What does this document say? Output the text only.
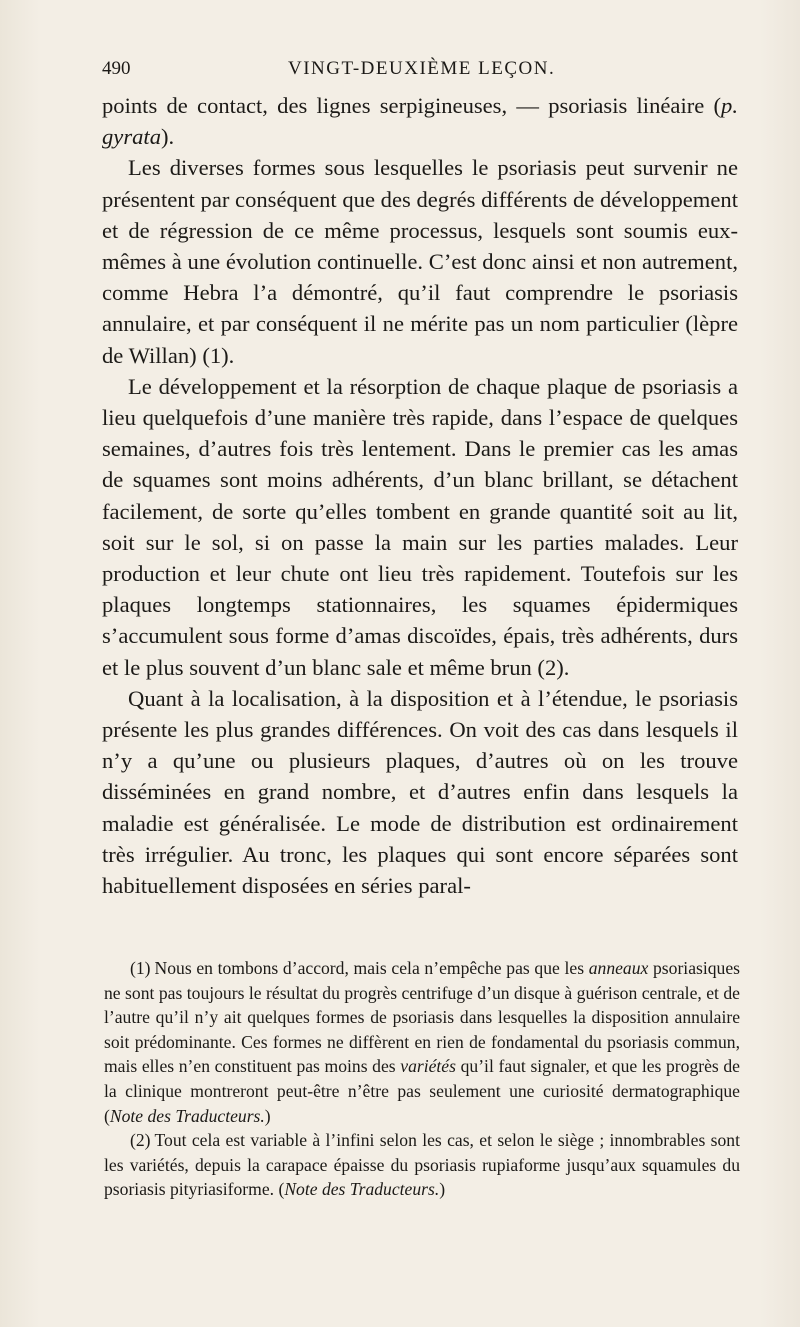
490	VINGT-DEUXIÈME LEÇON.

points de contact, des lignes serpigineuses, — psoriasis linéaire (p. gyrata).

Les diverses formes sous lesquelles le psoriasis peut survenir ne présentent par conséquent que des degrés différents de développement et de régression de ce même processus, lesquels sont soumis eux-mêmes à une évolution continuelle. C’est donc ainsi et non autrement, comme Hebra l’a démontré, qu’il faut comprendre le psoriasis annulaire, et par conséquent il ne mérite pas un nom particulier (lèpre de Willan) (1).

Le développement et la résorption de chaque plaque de psoriasis a lieu quelquefois d’une manière très rapide, dans l’espace de quelques semaines, d’autres fois très lentement. Dans le premier cas les amas de squames sont moins adhérents, d’un blanc brillant, se détachent facilement, de sorte qu’elles tombent en grande quantité soit au lit, soit sur le sol, si on passe la main sur les parties malades. Leur production et leur chute ont lieu très rapidement. Toutefois sur les plaques longtemps stationnaires, les squames épidermiques s’accumulent sous forme d’amas discoïdes, épais, très adhérents, durs et le plus souvent d’un blanc sale et même brun (2).

Quant à la localisation, à la disposition et à l’étendue, le psoriasis présente les plus grandes différences. On voit des cas dans lesquels il n’y a qu’une ou plusieurs plaques, d’autres où on les trouve disséminées en grand nombre, et d’autres enfin dans lesquels la maladie est généralisée. Le mode de distribution est ordinairement très irrégulier. Au tronc, les plaques qui sont encore séparées sont habituellement disposées en séries paral-

(1) Nous en tombons d’accord, mais cela n’empêche pas que les anneaux psoriasiques ne sont pas toujours le résultat du progrès centrifuge d’un disque à guérison centrale, et de l’autre qu’il n’y ait quelques formes de psoriasis dans lesquelles la disposition annulaire soit prédominante. Ces formes ne diffèrent en rien de fondamental du psoriasis commun, mais elles n’en constituent pas moins des variétés qu’il faut signaler, et que les progrès de la clinique montreront peut-être n’être pas seulement une curiosité dermatographique (Note des Traducteurs.)

(2) Tout cela est variable à l’infini selon les cas, et selon le siège ; innombrables sont les variétés, depuis la carapace épaisse du psoriasis rupiaforme jusqu’aux squamules du psoriasis pityriasiforme. (Note des Traducteurs.)
